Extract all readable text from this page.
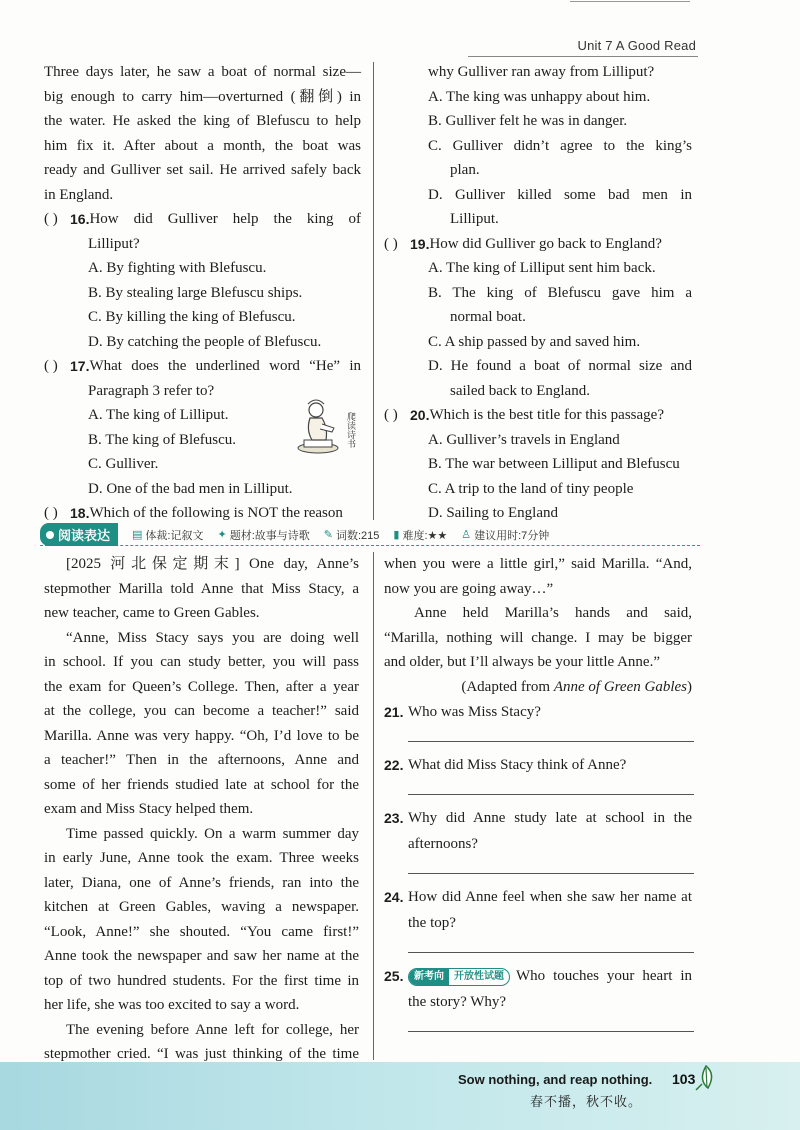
Unit 7 A Good Read
Three days later, he saw a boat of normal size—
big enough to carry him—overturned (翻倒) in
the water. He asked the king of Blefuscu to help
him fix it. After about a month, the boat was
ready and Gulliver set sail. He arrived safely back
in England.
( ) 16. How did Gulliver help the king of
Lilliput?
A. By fighting with Blefuscu.
B. By stealing large Blefuscu ships.
C. By killing the king of Blefuscu.
D. By catching the people of Blefuscu.
( ) 17. What does the underlined word “He” in
Paragraph 3 refer to?
A. The king of Lilliput.
B. The king of Blefuscu.
C. Gulliver.
D. One of the bad men in Lilliput.
( ) 18. Which of the following is NOT the reason
爬读诗书
why Gulliver ran away from Lilliput?
A. The king was unhappy about him.
B. Gulliver felt he was in danger.
C. Gulliver didn’t agree to the king’s
plan.
D. Gulliver killed some bad men in
Lilliput.
( ) 19. How did Gulliver go back to England?
A. The king of Lilliput sent him back.
B. The king of Blefuscu gave him a
normal boat.
C. A ship passed by and saved him.
D. He found a boat of normal size and
sailed back to England.
( ) 20. Which is the best title for this passage?
A. Gulliver’s travels in England
B. The war between Lilliput and Blefuscu
C. A trip to the land of tiny people
D. Sailing to England
阅读表达 ▤ 体裁:记叙文 ✦ 题材:故事与诗歌 ✎ 词数:215 ▮ 难度:★★ ♙ 建议用时:7分钟
[2025 河北保定期末] One day, Anne’s
stepmother Marilla told Anne that Miss Stacy, a
new teacher, came to Green Gables.
“Anne, Miss Stacy says you are doing well
in school. If you can study better, you will pass
the exam for Queen’s College. Then, after a year
at the college, you can become a teacher!” said
Marilla. Anne was very happy. “Oh, I’d love to be
a teacher!” Then in the afternoons, Anne and
some of her friends studied late at school for the
exam and Miss Stacy helped them.
Time passed quickly. On a warm summer day
in early June, Anne took the exam. Three weeks
later, Diana, one of Anne’s friends, ran into the
kitchen at Green Gables, waving a newspaper.
“Look, Anne!” she shouted. “You came first!”
Anne took the newspaper and saw her name at the
top of two hundred students. For the first time in
her life, she was too excited to say a word.
The evening before Anne left for college, her
stepmother cried. “I was just thinking of the time
when you were a little girl,” said Marilla. “And,
now you are going away…”
Anne held Marilla’s hands and said,
“Marilla, nothing will change. I may be bigger
and older, but I’ll always be your little Anne.”
(Adapted from Anne of Green Gables)
21. Who was Miss Stacy?
22. What did Miss Stacy think of Anne?
23. Why did Anne study late at school in the
afternoons?
24. How did Anne feel when she saw her name at
the top?
25.	新考向	开放性试题 Who touches your heart in
the story? Why?
Sow nothing, and reap nothing. 103
春不播，秋不收。
